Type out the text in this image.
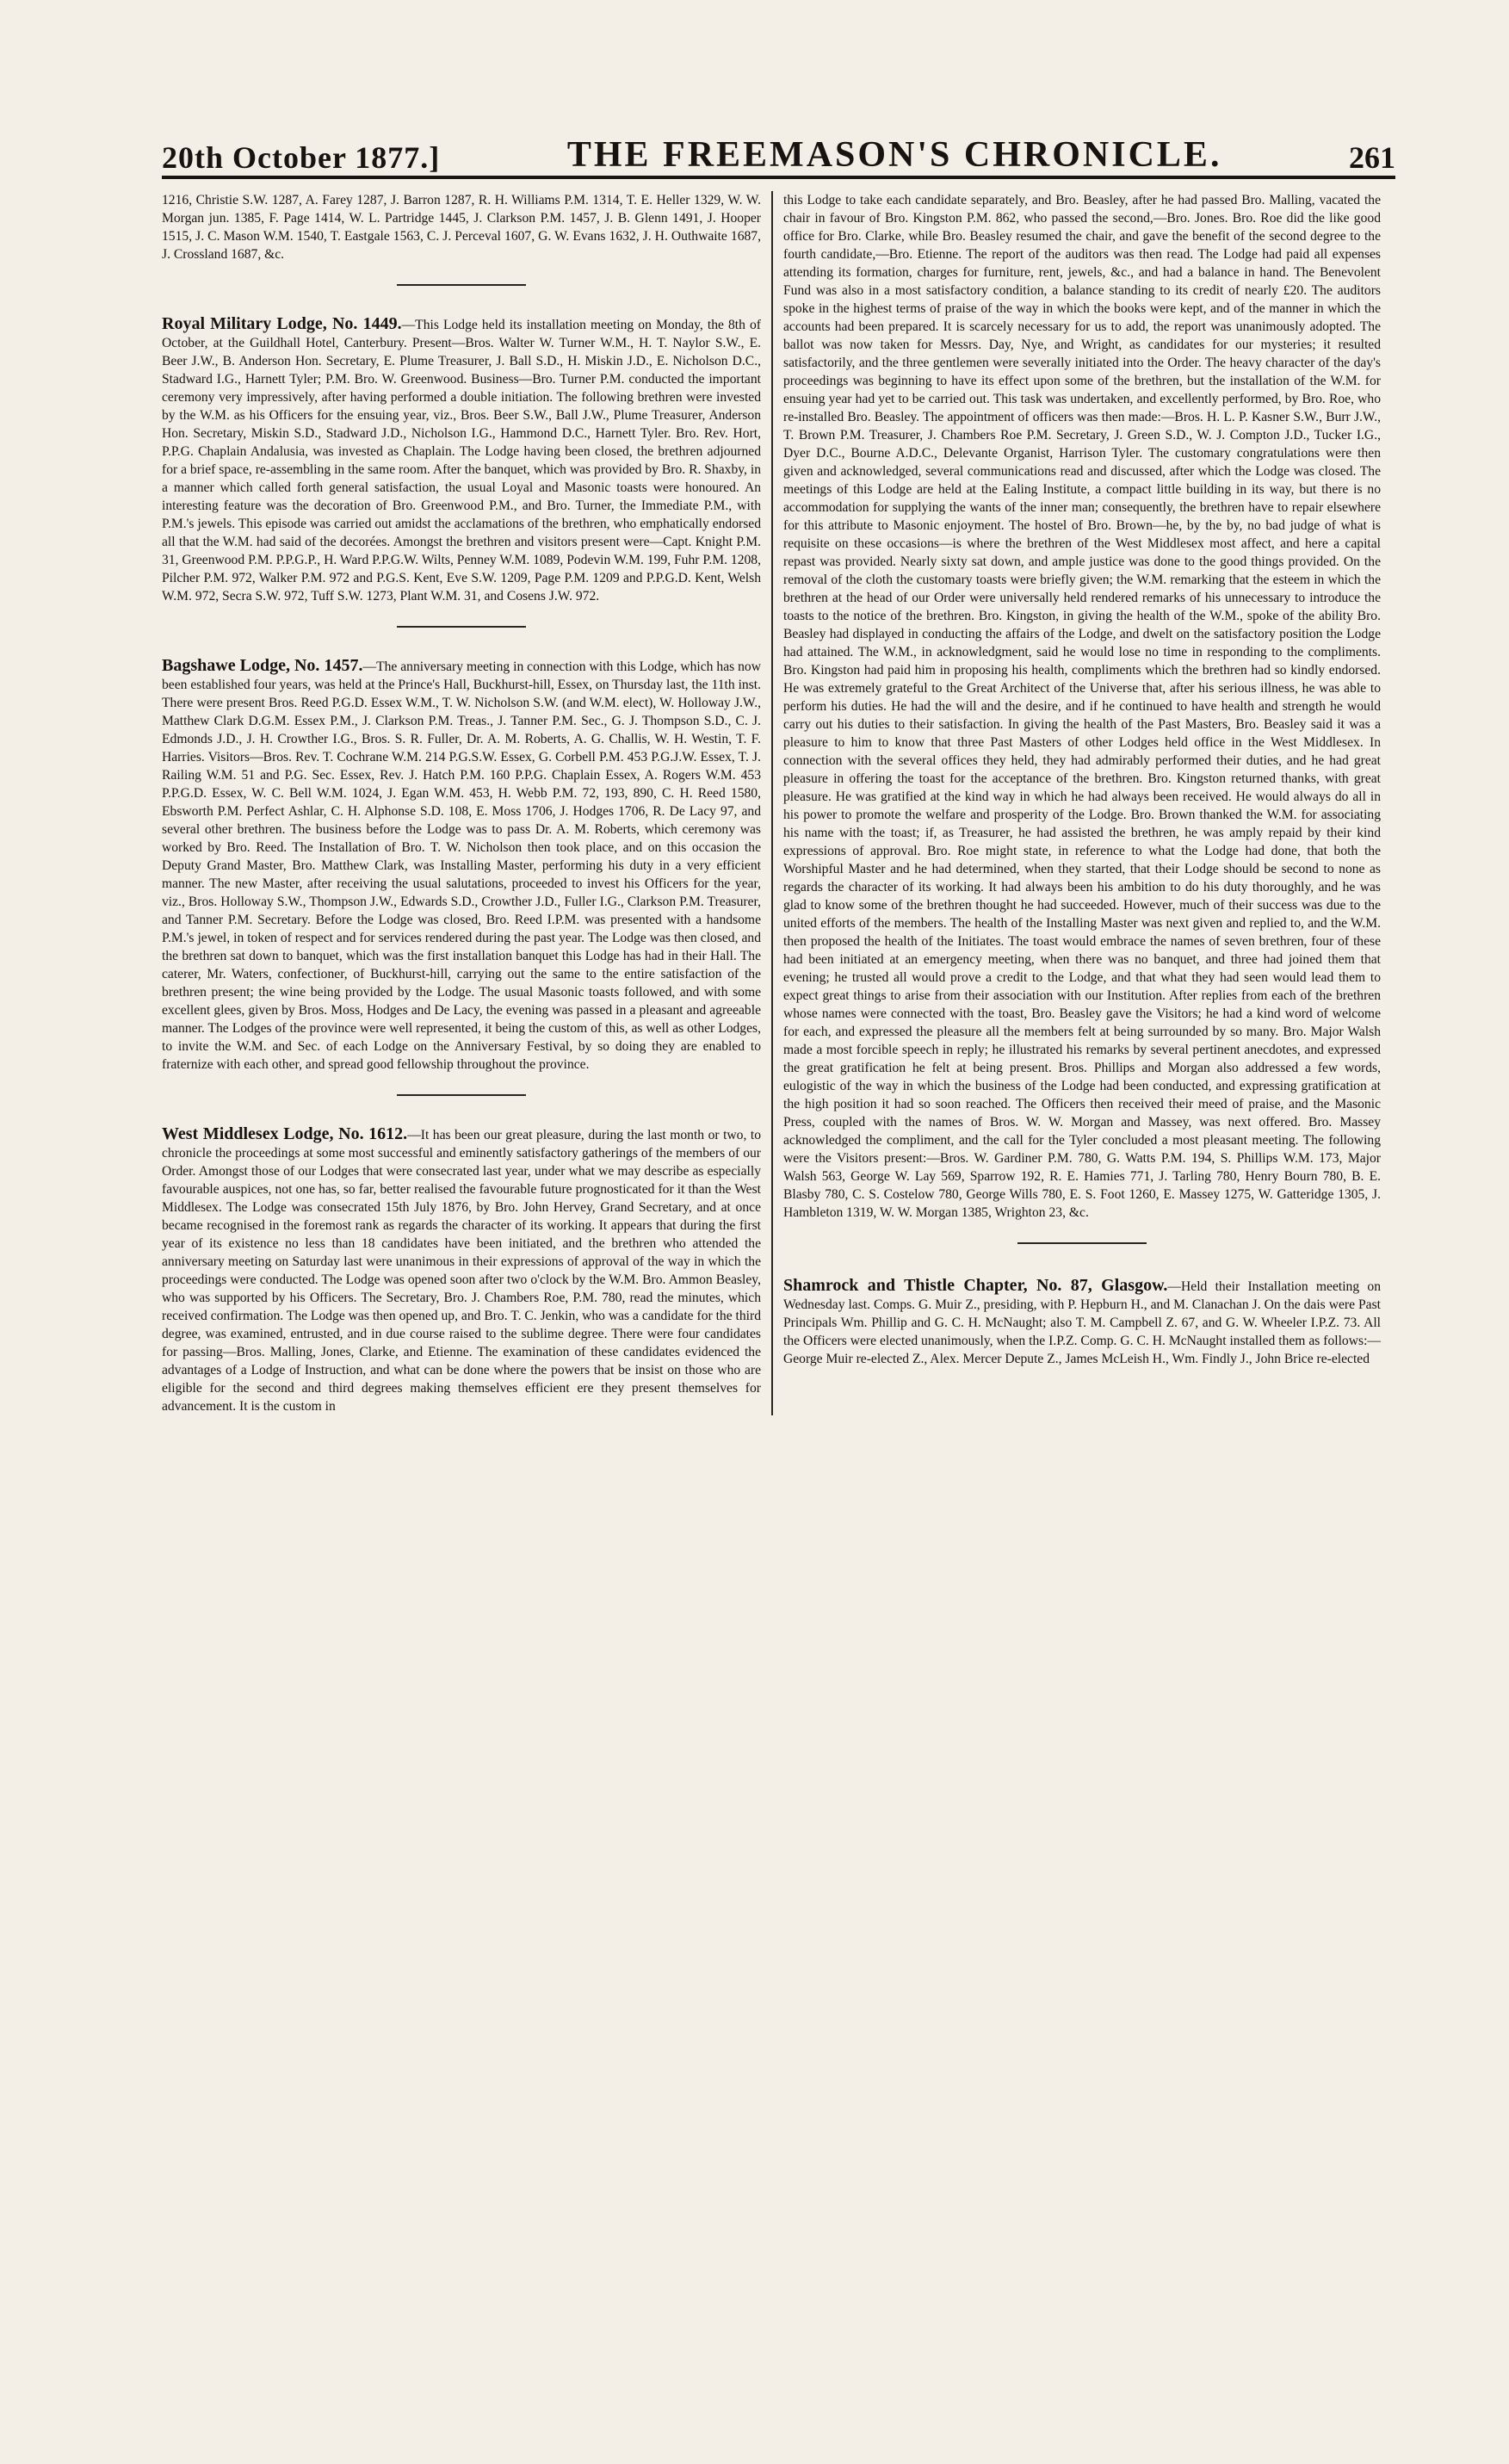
20th October 1877.]	THE FREEMASON'S CHRONICLE.	261

1216, Christie S.W. 1287, A. Farey 1287, J. Barron 1287, R. H. Williams P.M. 1314, T. E. Heller 1329, W. W. Morgan jun. 1385, F. Page 1414, W. L. Partridge 1445, J. Clarkson P.M. 1457, J. B. Glenn 1491, J. Hooper 1515, J. C. Mason W.M. 1540, T. Eastgale 1563, C. J. Perceval 1607, G. W. Evans 1632, J. H. Outhwaite 1687, J. Crossland 1687, &c.

Royal Military Lodge, No. 1449.—This Lodge held its installation meeting on Monday, the 8th of October, at the Guildhall Hotel, Canterbury. Present—Bros. Walter W. Turner W.M., H. T. Naylor S.W., E. Beer J.W., B. Anderson Hon. Secretary, E. Plume Treasurer, J. Ball S.D., H. Miskin J.D., E. Nicholson D.C., Stadward I.G., Harnett Tyler; P.M. Bro. W. Greenwood. Business—Bro. Turner P.M. conducted the important ceremony very impressively, after having performed a double initiation. The following brethren were invested by the W.M. as his Officers for the ensuing year, viz., Bros. Beer S.W., Ball J.W., Plume Treasurer, Anderson Hon. Secretary, Miskin S.D., Stadward J.D., Nicholson I.G., Hammond D.C., Harnett Tyler. Bro. Rev. Hort, P.P.G. Chaplain Andalusia, was invested as Chaplain. The Lodge having been closed, the brethren adjourned for a brief space, re-assembling in the same room. After the banquet, which was provided by Bro. R. Shaxby, in a manner which called forth general satisfaction, the usual Loyal and Masonic toasts were honoured. An interesting feature was the decoration of Bro. Greenwood P.M., and Bro. Turner, the Immediate P.M., with P.M.'s jewels. This episode was carried out amidst the acclamations of the brethren, who emphatically endorsed all that the W.M. had said of the decorées. Amongst the brethren and visitors present were—Capt. Knight P.M. 31, Greenwood P.M. P.P.G.P., H. Ward P.P.G.W. Wilts, Penney W.M. 1089, Podevin W.M. 199, Fuhr P.M. 1208, Pilcher P.M. 972, Walker P.M. 972 and P.G.S. Kent, Eve S.W. 1209, Page P.M. 1209 and P.P.G.D. Kent, Welsh W.M. 972, Secra S.W. 972, Tuff S.W. 1273, Plant W.M. 31, and Cosens J.W. 972.

Bagshawe Lodge, No. 1457.—The anniversary meeting in connection with this Lodge, which has now been established four years, was held at the Prince's Hall, Buckhurst-hill, Essex, on Thursday last, the 11th inst. There were present Bros. Reed P.G.D. Essex W.M., T. W. Nicholson S.W. (and W.M. elect), W. Holloway J.W., Matthew Clark D.G.M. Essex P.M., J. Clarkson P.M. Treas., J. Tanner P.M. Sec., G. J. Thompson S.D., C. J. Edmonds J.D., J. H. Crowther I.G., Bros. S. R. Fuller, Dr. A. M. Roberts, A. G. Challis, W. H. Westin, T. F. Harries. Visitors—Bros. Rev. T. Cochrane W.M. 214 P.G.S.W. Essex, G. Corbell P.M. 453 P.G.J.W. Essex, T. J. Railing W.M. 51 and P.G. Sec. Essex, Rev. J. Hatch P.M. 160 P.P.G. Chaplain Essex, A. Rogers W.M. 453 P.P.G.D. Essex, W. C. Bell W.M. 1024, J. Egan W.M. 453, H. Webb P.M. 72, 193, 890, C. H. Reed 1580, Ebsworth P.M. Perfect Ashlar, C. H. Alphonse S.D. 108, E. Moss 1706, J. Hodges 1706, R. De Lacy 97, and several other brethren. The business before the Lodge was to pass Dr. A. M. Roberts, which ceremony was worked by Bro. Reed. The Installation of Bro. T. W. Nicholson then took place, and on this occasion the Deputy Grand Master, Bro. Matthew Clark, was Installing Master, performing his duty in a very efficient manner. The new Master, after receiving the usual salutations, proceeded to invest his Officers for the year, viz., Bros. Holloway S.W., Thompson J.W., Edwards S.D., Crowther J.D., Fuller I.G., Clarkson P.M. Treasurer, and Tanner P.M. Secretary. Before the Lodge was closed, Bro. Reed I.P.M. was presented with a handsome P.M.'s jewel, in token of respect and for services rendered during the past year. The Lodge was then closed, and the brethren sat down to banquet, which was the first installation banquet this Lodge has had in their Hall. The caterer, Mr. Waters, confectioner, of Buckhurst-hill, carrying out the same to the entire satisfaction of the brethren present; the wine being provided by the Lodge. The usual Masonic toasts followed, and with some excellent glees, given by Bros. Moss, Hodges and De Lacy, the evening was passed in a pleasant and agreeable manner. The Lodges of the province were well represented, it being the custom of this, as well as other Lodges, to invite the W.M. and Sec. of each Lodge on the Anniversary Festival, by so doing they are enabled to fraternize with each other, and spread good fellowship throughout the province.

West Middlesex Lodge, No. 1612.—It has been our great pleasure, during the last month or two, to chronicle the proceedings at some most successful and eminently satisfactory gatherings of the members of our Order. Amongst those of our Lodges that were consecrated last year, under what we may describe as especially favourable auspices, not one has, so far, better realised the favourable future prognosticated for it than the West Middlesex. The Lodge was consecrated 15th July 1876, by Bro. John Hervey, Grand Secretary, and at once became recognised in the foremost rank as regards the character of its working. It appears that during the first year of its existence no less than 18 candidates have been initiated, and the brethren who attended the anniversary meeting on Saturday last were unanimous in their expressions of approval of the way in which the proceedings were conducted. The Lodge was opened soon after two o'clock by the W.M. Bro. Ammon Beasley, who was supported by his Officers. The Secretary, Bro. J. Chambers Roe, P.M. 780, read the minutes, which received confirmation. The Lodge was then opened up, and Bro. T. C. Jenkin, who was a candidate for the third degree, was examined, entrusted, and in due course raised to the sublime degree. There were four candidates for passing—Bros. Malling, Jones, Clarke, and Etienne. The examination of these candidates evidenced the advantages of a Lodge of Instruction, and what can be done where the powers that be insist on those who are eligible for the second and third degrees making themselves efficient ere they present themselves for advancement. It is the custom in

this Lodge to take each candidate separately, and Bro. Beasley, after he had passed Bro. Malling, vacated the chair in favour of Bro. Kingston P.M. 862, who passed the second,—Bro. Jones. Bro. Roe did the like good office for Bro. Clarke, while Bro. Beasley resumed the chair, and gave the benefit of the second degree to the fourth candidate,—Bro. Etienne. The report of the auditors was then read. The Lodge had paid all expenses attending its formation, charges for furniture, rent, jewels, &c., and had a balance in hand. The Benevolent Fund was also in a most satisfactory condition, a balance standing to its credit of nearly £20. The auditors spoke in the highest terms of praise of the way in which the books were kept, and of the manner in which the accounts had been prepared. It is scarcely necessary for us to add, the report was unanimously adopted. The ballot was now taken for Messrs. Day, Nye, and Wright, as candidates for our mysteries; it resulted satisfactorily, and the three gentlemen were severally initiated into the Order. The heavy character of the day's proceedings was beginning to have its effect upon some of the brethren, but the installation of the W.M. for ensuing year had yet to be carried out. This task was undertaken, and excellently performed, by Bro. Roe, who re-installed Bro. Beasley. The appointment of officers was then made:—Bros. H. L. P. Kasner S.W., Burr J.W., T. Brown P.M. Treasurer, J. Chambers Roe P.M. Secretary, J. Green S.D., W. J. Compton J.D., Tucker I.G., Dyer D.C., Bourne A.D.C., Delevante Organist, Harrison Tyler. The customary congratulations were then given and acknowledged, several communications read and discussed, after which the Lodge was closed. The meetings of this Lodge are held at the Ealing Institute, a compact little building in its way, but there is no accommodation for supplying the wants of the inner man; consequently, the brethren have to repair elsewhere for this attribute to Masonic enjoyment. The hostel of Bro. Brown—he, by the by, no bad judge of what is requisite on these occasions—is where the brethren of the West Middlesex most affect, and here a capital repast was provided. Nearly sixty sat down, and ample justice was done to the good things provided. On the removal of the cloth the customary toasts were briefly given; the W.M. remarking that the esteem in which the brethren at the head of our Order were universally held rendered remarks of his unnecessary to introduce the toasts to the notice of the brethren. Bro. Kingston, in giving the health of the W.M., spoke of the ability Bro. Beasley had displayed in conducting the affairs of the Lodge, and dwelt on the satisfactory position the Lodge had attained. The W.M., in acknowledgment, said he would lose no time in responding to the compliments. Bro. Kingston had paid him in proposing his health, compliments which the brethren had so kindly endorsed. He was extremely grateful to the Great Architect of the Universe that, after his serious illness, he was able to perform his duties. He had the will and the desire, and if he continued to have health and strength he would carry out his duties to their satisfaction. In giving the health of the Past Masters, Bro. Beasley said it was a pleasure to him to know that three Past Masters of other Lodges held office in the West Middlesex. In connection with the several offices they held, they had admirably performed their duties, and he had great pleasure in offering the toast for the acceptance of the brethren. Bro. Kingston returned thanks, with great pleasure. He was gratified at the kind way in which he had always been received. He would always do all in his power to promote the welfare and prosperity of the Lodge. Bro. Brown thanked the W.M. for associating his name with the toast; if, as Treasurer, he had assisted the brethren, he was amply repaid by their kind expressions of approval. Bro. Roe might state, in reference to what the Lodge had done, that both the Worshipful Master and he had determined, when they started, that their Lodge should be second to none as regards the character of its working. It had always been his ambition to do his duty thoroughly, and he was glad to know some of the brethren thought he had succeeded. However, much of their success was due to the united efforts of the members. The health of the Installing Master was next given and replied to, and the W.M. then proposed the health of the Initiates. The toast would embrace the names of seven brethren, four of these had been initiated at an emergency meeting, when there was no banquet, and three had joined them that evening; he trusted all would prove a credit to the Lodge, and that what they had seen would lead them to expect great things to arise from their association with our Institution. After replies from each of the brethren whose names were connected with the toast, Bro. Beasley gave the Visitors; he had a kind word of welcome for each, and expressed the pleasure all the members felt at being surrounded by so many. Bro. Major Walsh made a most forcible speech in reply; he illustrated his remarks by several pertinent anecdotes, and expressed the great gratification he felt at being present. Bros. Phillips and Morgan also addressed a few words, eulogistic of the way in which the business of the Lodge had been conducted, and expressing gratification at the high position it had so soon reached. The Officers then received their meed of praise, and the Masonic Press, coupled with the names of Bros. W. W. Morgan and Massey, was next offered. Bro. Massey acknowledged the compliment, and the call for the Tyler concluded a most pleasant meeting. The following were the Visitors present:—Bros. W. Gardiner P.M. 780, G. Watts P.M. 194, S. Phillips W.M. 173, Major Walsh 563, George W. Lay 569, Sparrow 192, R. E. Hamies 771, J. Tarling 780, Henry Bourn 780, B. E. Blasby 780, C. S. Costelow 780, George Wills 780, E. S. Foot 1260, E. Massey 1275, W. Gatteridge 1305, J. Hambleton 1319, W. W. Morgan 1385, Wrighton 23, &c.

Shamrock and Thistle Chapter, No. 87, Glasgow.—Held their Installation meeting on Wednesday last. Comps. G. Muir Z., presiding, with P. Hepburn H., and M. Clanachan J. On the dais were Past Principals Wm. Phillip and G. C. H. McNaught; also T. M. Campbell Z. 67, and G. W. Wheeler I.P.Z. 73. All the Officers were elected unanimously, when the I.P.Z. Comp. G. C. H. McNaught installed them as follows:—George Muir re-elected Z., Alex. Mercer Depute Z., James McLeish H., Wm. Findly J., John Brice re-elected
